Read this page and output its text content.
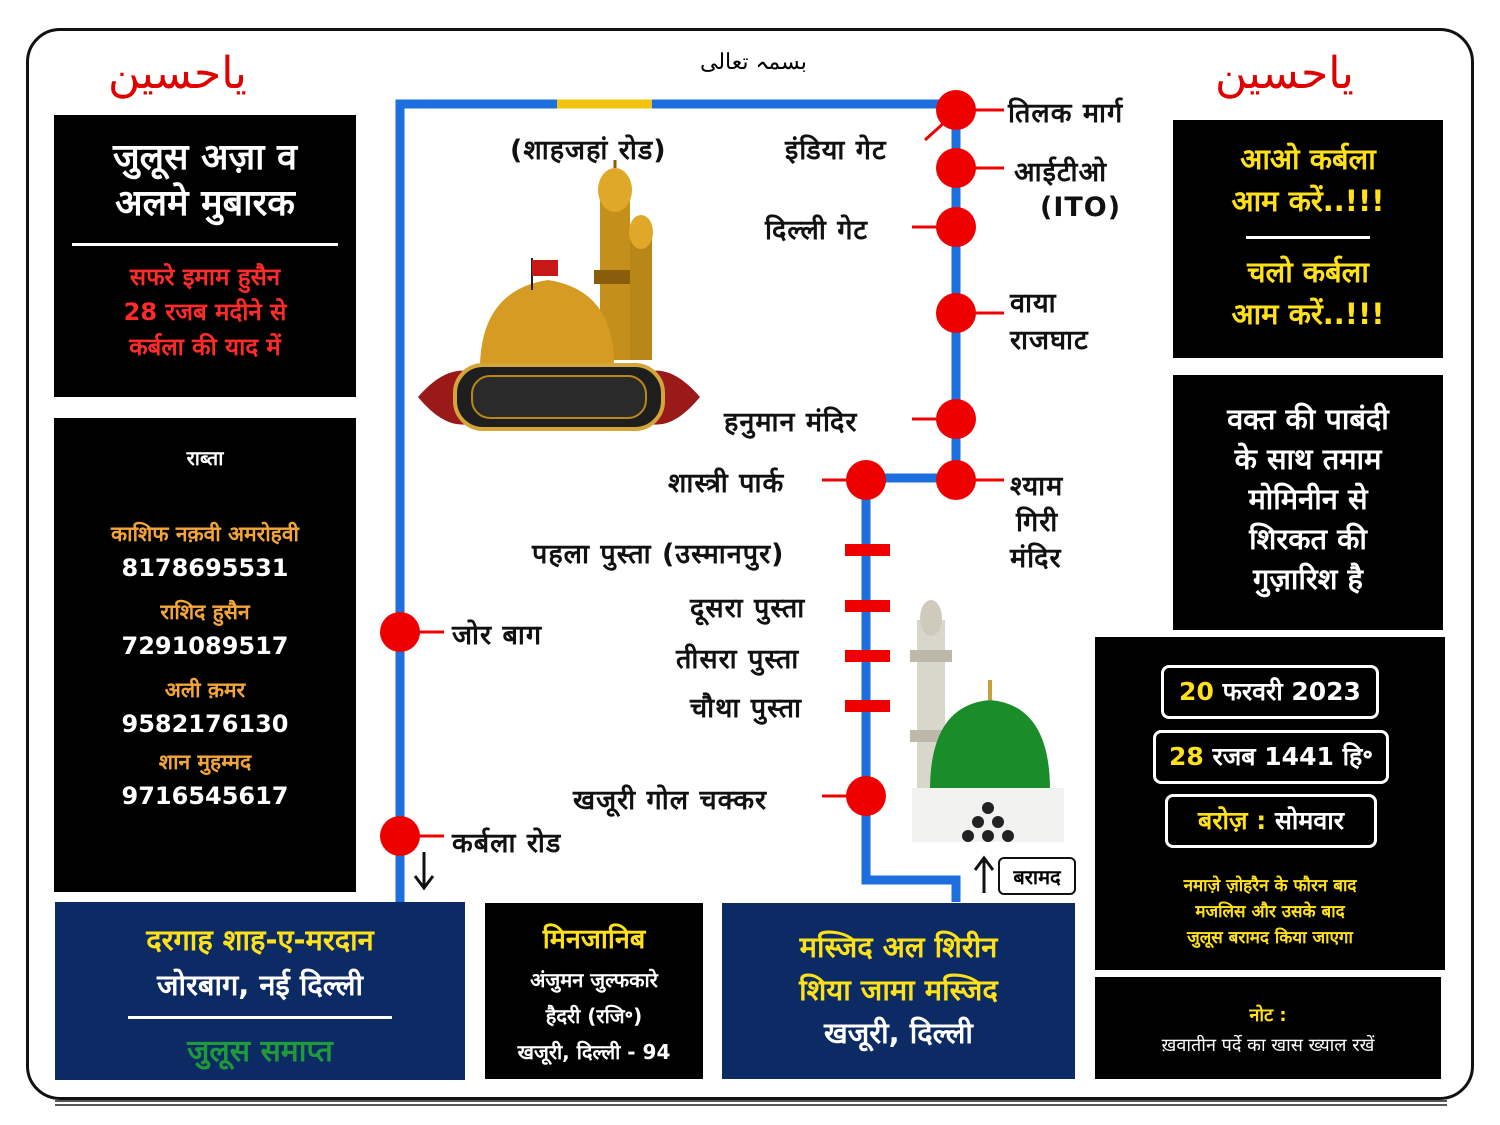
یاحسین	یاحسین
بسمہ تعالی
जुलूस अज़ा व
अलमे मुबारक
सफरे इमाम हुसैन
28 रजब मदीने से
कर्बला की याद में
राब्ता
काशिफ नक़वी अमरोहवी
8178695531
राशिद हुसैन
7291089517
अली क़मर
9582176130
शान मुहम्मद
9716545617
आओ कर्बला
आम करें..!!!
चलो कर्बला
आम करें..!!!
वक्त की पाबंदी
के साथ तमाम
मोमिनीन से
शिरकत की
गुज़ारिश है
20 फरवरी 2023
28 रजब 1441 हि॰
बरोज़ : सोमवार
नमाज़े ज़ोहरैन के फौरन बाद
मजलिस और उसके बाद
जुलूस बरामद किया जाएगा
नोट :
ख़वातीन पर्दे का खास ख्याल रखें
दरगाह शाह-ए-मरदान
जोरबाग, नई दिल्ली
जुलूस समाप्त
मिनजानिब
अंजुमन जुल्फकारे
हैदरी (रजि॰)
खजूरी, दिल्ली - 94
मस्जिद अल शिरीन
शिया जामा मस्जिद
खजूरी, दिल्ली
(शाहजहां रोड)
तिलक मार्ग
इंडिया गेट
आईटीओ
(ITO)
दिल्ली गेट
वाया
राजघाट
हनुमान मंदिर
शास्त्री पार्क	श्याम
गिरी
मंदिर
पहला पुस्ता (उस्मानपुर)
दूसरा पुस्ता
तीसरा पुस्ता
चौथा पुस्ता
जोर बाग
खजूरी गोल चक्कर
कर्बला रोड
बरामद
